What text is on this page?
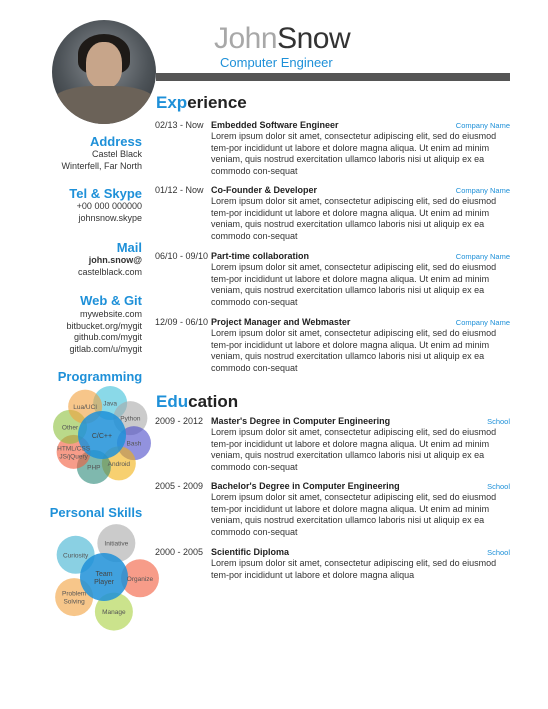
JohnSnow
Computer Engineer
Address
Castel Black
Winterfell, Far North
Tel & Skype
+00 000 000000
johnsnow.skype
Mail
john.snow@
castelblack.com
Web & Git
mywebsite.com
bitbucket.org/mygit
github.com/mygit
gitlab.com/u/mygit
Programming
Java
Python
Bash
Android
PHP
HTML/CSS
JS/jQuery
Other
Lua/UCI
C/C++
Personal Skills
Initiative
Organize
Manage
Problem
Solving
Curiosity
Team
Player
Experience
02/13 - Now Embedded Software Engineer	Company Name
Lorem ipsum dolor sit amet, consectetur adipiscing elit, sed do eiusmod tem-por incididunt ut labore et dolore magna aliqua. Ut enim ad minim veniam, quis nostrud exercitation ullamco laboris nisi ut aliquip ex ea commodo con-sequat
01/12 - Now Co-Founder & Developer	Company Name
Lorem ipsum dolor sit amet, consectetur adipiscing elit, sed do eiusmod tem-por incididunt ut labore et dolore magna aliqua. Ut enim ad minim veniam, quis nostrud exercitation ullamco laboris nisi ut aliquip ex ea commodo con-sequat
06/10 - 09/10 Part-time collaboration	Company Name
Lorem ipsum dolor sit amet, consectetur adipiscing elit, sed do eiusmod tem-por incididunt ut labore et dolore magna aliqua. Ut enim ad minim veniam, quis nostrud exercitation ullamco laboris nisi ut aliquip ex ea commodo con-sequat
12/09 - 06/10 Project Manager and Webmaster	Company Name
Lorem ipsum dolor sit amet, consectetur adipiscing elit, sed do eiusmod tem-por incididunt ut labore et dolore magna aliqua. Ut enim ad minim veniam, quis nostrud exercitation ullamco laboris nisi ut aliquip ex ea commodo con-sequat
Education
2009 - 2012 Master's Degree in Computer Engineering	School
Lorem ipsum dolor sit amet, consectetur adipiscing elit, sed do eiusmod tem-por incididunt ut labore et dolore magna aliqua. Ut enim ad minim veniam, quis nostrud exercitation ullamco laboris nisi ut aliquip ex ea commodo con-sequat
2005 - 2009 Bachelor's Degree in Computer Engineering	School
Lorem ipsum dolor sit amet, consectetur adipiscing elit, sed do eiusmod tem-por incididunt ut labore et dolore magna aliqua. Ut enim ad minim veniam, quis nostrud exercitation ullamco laboris nisi ut aliquip ex ea commodo con-sequat
2000 - 2005 Scientific Diploma	School
Lorem ipsum dolor sit amet, consectetur adipiscing elit, sed do eiusmod tem-por incididunt ut labore et dolore magna aliqua
